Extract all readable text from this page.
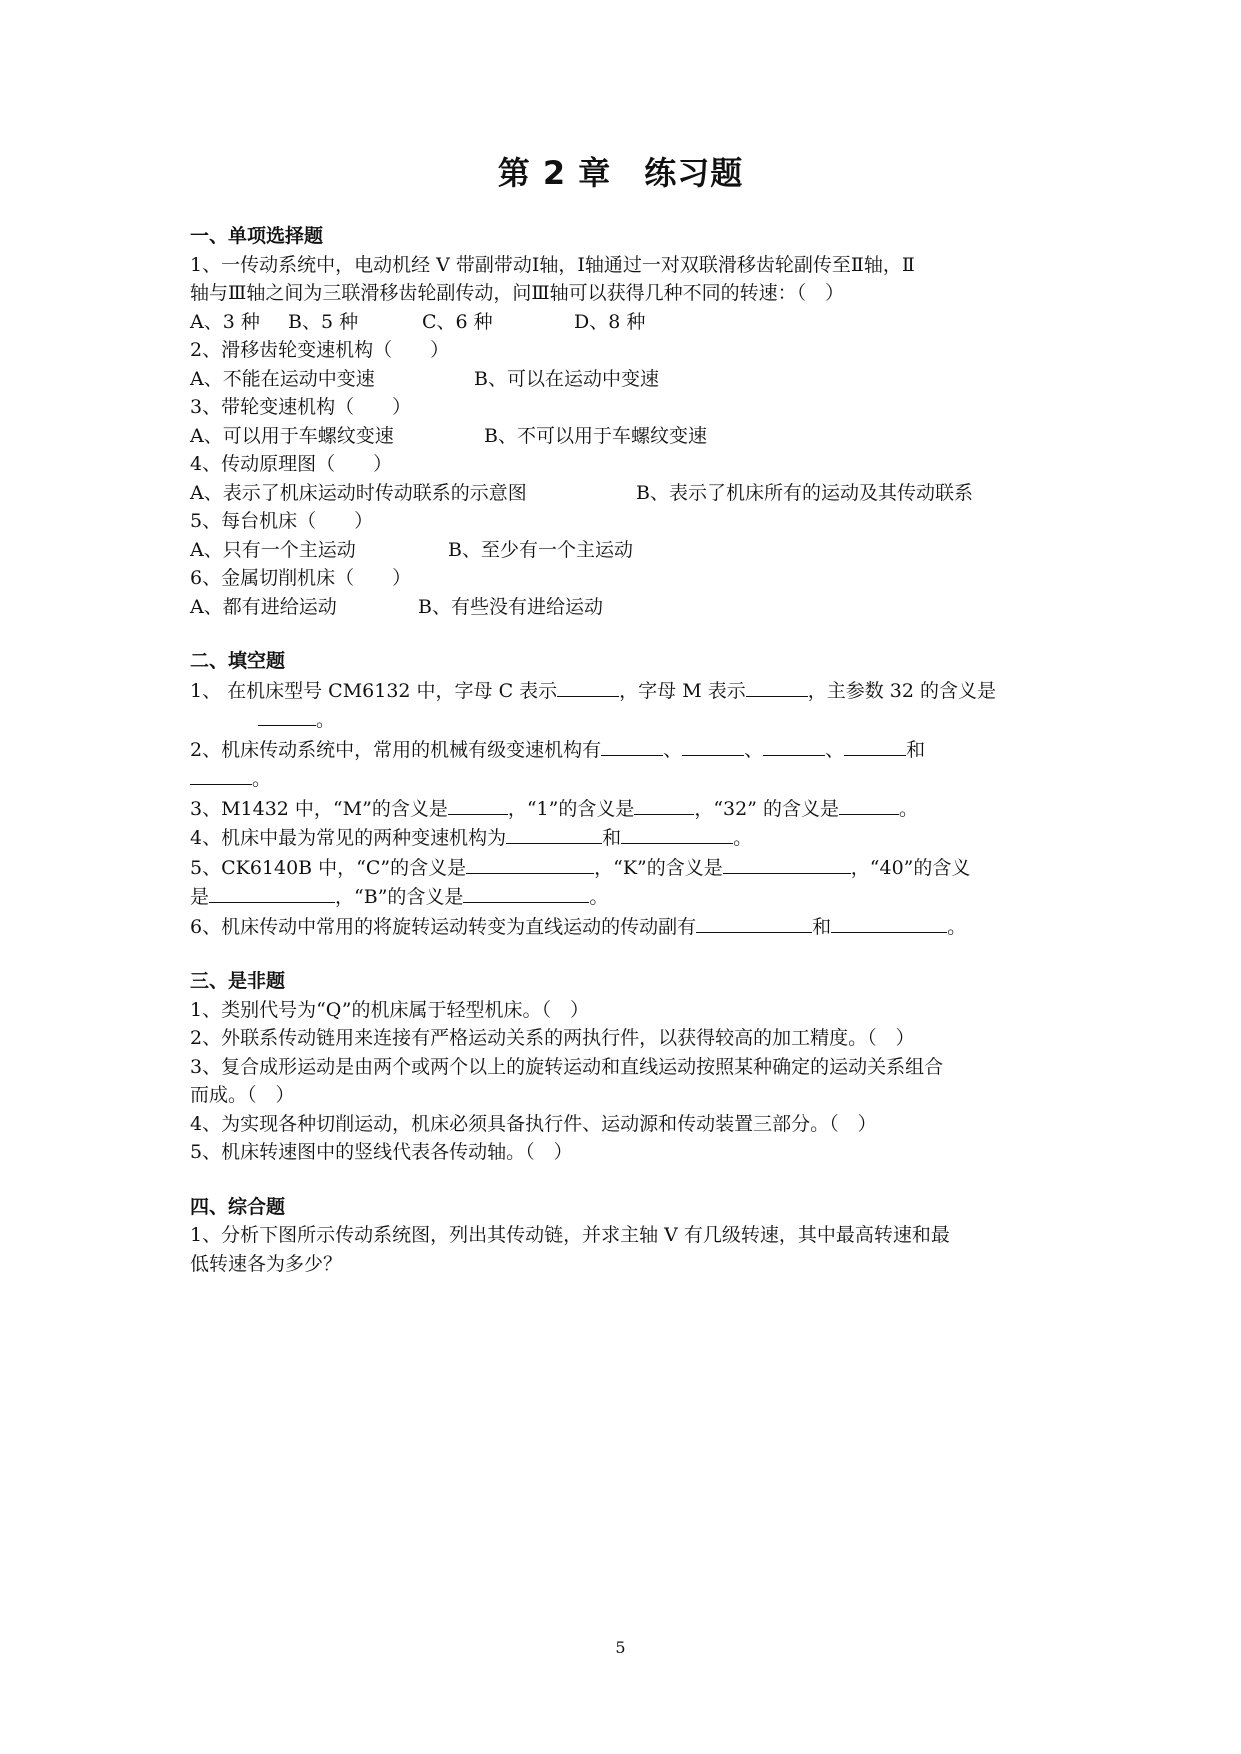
第 2 章　练习题
一、单项选择题
1、一传动系统中，电动机经 V 带副带动Ⅰ轴，Ⅰ轴通过一对双联滑移齿轮副传至Ⅱ轴，Ⅱ
轴与Ⅲ轴之间为三联滑移齿轮副传动，问Ⅲ轴可以获得几种不同的转速：（　）
A、3 种 B、5 种	C、6 种	D、8 种
2、滑移齿轮变速机构（　　）
A、不能在运动中变速	B、可以在运动中变速
3、带轮变速机构（　　）
A、可以用于车螺纹变速	B、不可以用于车螺纹变速
4、传动原理图（　　）
A、表示了机床运动时传动联系的示意图	B、表示了机床所有的运动及其传动联系
5、每台机床（　　）
A、只有一个主运动	B、至少有一个主运动
6、金属切削机床（　　）
A、都有进给运动	B、有些没有进给运动
二、填空题
1、 在机床型号 CM6132 中，字母 C 表示	，字母 M 表示	，主参数 32 的含义是
。
2、机床传动系统中，常用的机械有级变速机构有	、	、	、	和
。
3、M1432 中，“M”的含义是	，“1”的含义是	，“32” 的含义是	。
4、机床中最为常见的两种变速机构为	和	。
5、CK6140B 中，“C”的含义是	，“K”的含义是	，“40”的含义
是	，“B”的含义是	。
6、机床传动中常用的将旋转运动转变为直线运动的传动副有	和	。
三、是非题
1、类别代号为“Q”的机床属于轻型机床。（　）
2、外联系传动链用来连接有严格运动关系的两执行件，以获得较高的加工精度。（　）
3、复合成形运动是由两个或两个以上的旋转运动和直线运动按照某种确定的运动关系组合
而成。（　）
4、为实现各种切削运动，机床必须具备执行件、运动源和传动装置三部分。（　）
5、机床转速图中的竖线代表各传动轴。（　）
四、综合题
1、分析下图所示传动系统图，列出其传动链，并求主轴 V 有几级转速，其中最高转速和最
低转速各为多少？
5
